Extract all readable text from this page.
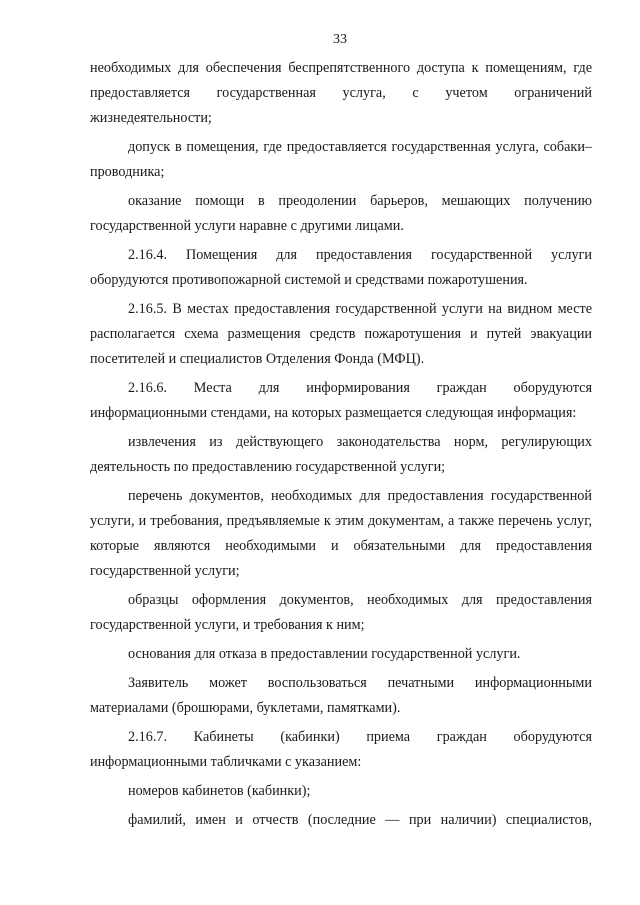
33

необходимых для обеспечения беспрепятственного доступа к помещениям, где предоставляется государственная услуга, с учетом ограничений жизнедеятельности;

допуск в помещения, где предоставляется государственная услуга, собаки–проводника;

оказание помощи в преодолении барьеров, мешающих получению государственной услуги наравне с другими лицами.

2.16.4. Помещения для предоставления государственной услуги оборудуются противопожарной системой и средствами пожаротушения.

2.16.5. В местах предоставления государственной услуги на видном месте располагается схема размещения средств пожаротушения и путей эвакуации посетителей и специалистов Отделения Фонда (МФЦ).

2.16.6. Места для информирования граждан оборудуются информационными стендами, на которых размещается следующая информация:

извлечения из действующего законодательства норм, регулирующих деятельность по предоставлению государственной услуги;

перечень документов, необходимых для предоставления государственной услуги, и требования, предъявляемые к этим документам, а также перечень услуг, которые являются необходимыми и обязательными для предоставления государственной услуги;

образцы оформления документов, необходимых для предоставления государственной услуги, и требования к ним;

основания для отказа в предоставлении государственной услуги.

Заявитель может воспользоваться печатными информационными материалами (брошюрами, буклетами, памятками).

2.16.7. Кабинеты (кабинки) приема граждан оборудуются информационными табличками с указанием:

номеров кабинетов (кабинки);

фамилий, имен и отчеств (последние — при наличии) специалистов,
